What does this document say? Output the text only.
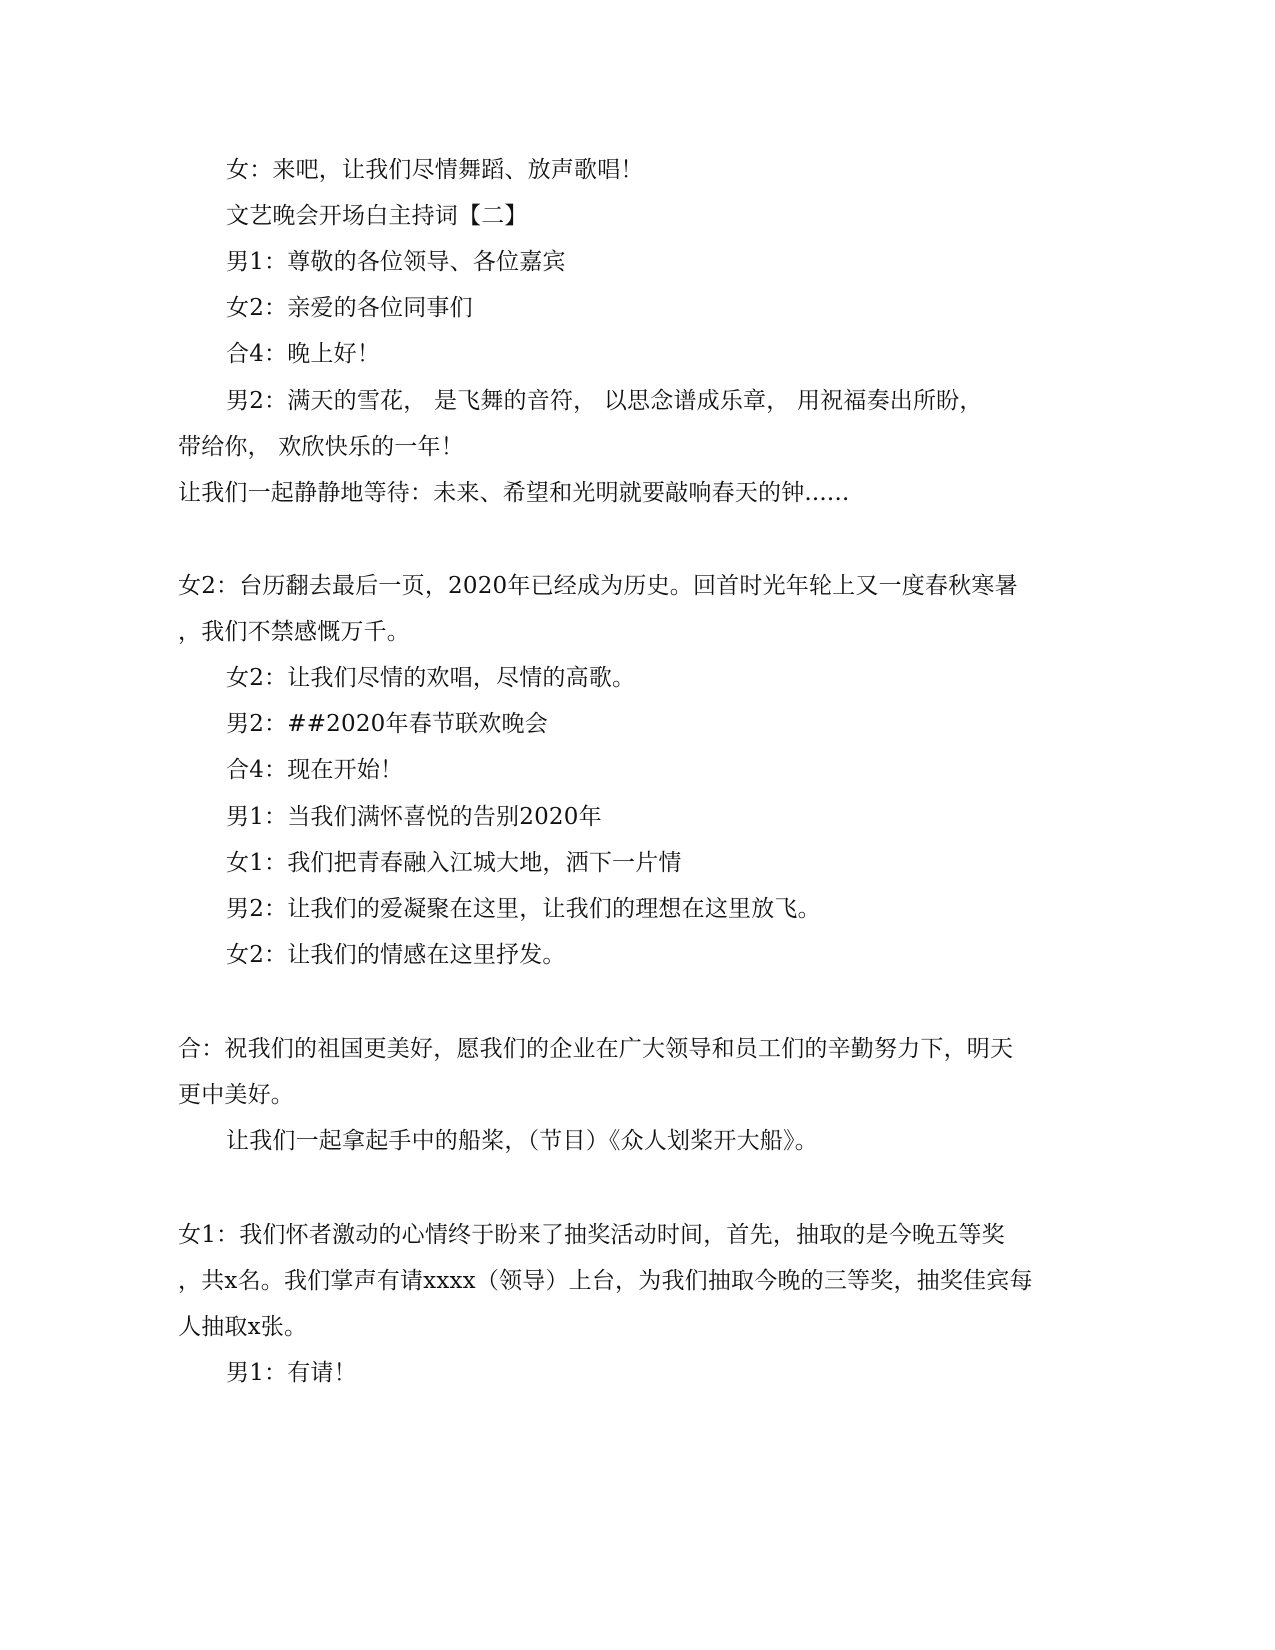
女：来吧，让我们尽情舞蹈、放声歌唱！
文艺晚会开场白主持词【二】
男1：尊敬的各位领导、各位嘉宾
女2：亲爱的各位同事们
合4：晚上好！
男2：满天的雪花， 是飞舞的音符， 以思念谱成乐章， 用祝福奏出所盼，
带给你， 欢欣快乐的一年！
让我们一起静静地等待：未来、希望和光明就要敲响春天的钟......
女2：台历翻去最后一页，2020年已经成为历史。回首时光年轮上又一度春秋寒暑
，我们不禁感慨万千。
女2：让我们尽情的欢唱，尽情的高歌。
男2：##2020年春节联欢晚会
合4：现在开始！
男1：当我们满怀喜悦的告别2020年
女1：我们把青春融入江城大地，洒下一片情
男2：让我们的爱凝聚在这里，让我们的理想在这里放飞。
女2：让我们的情感在这里抒发。
合：祝我们的祖国更美好，愿我们的企业在广大领导和员工们的辛勤努力下，明天
更中美好。
让我们一起拿起手中的船桨，（节目）《众人划桨开大船》。
女1：我们怀者激动的心情终于盼来了抽奖活动时间，首先，抽取的是今晚五等奖
，共x名。我们掌声有请xxxx（领导）上台，为我们抽取今晚的三等奖，抽奖佳宾每
人抽取x张。
男1：有请！
